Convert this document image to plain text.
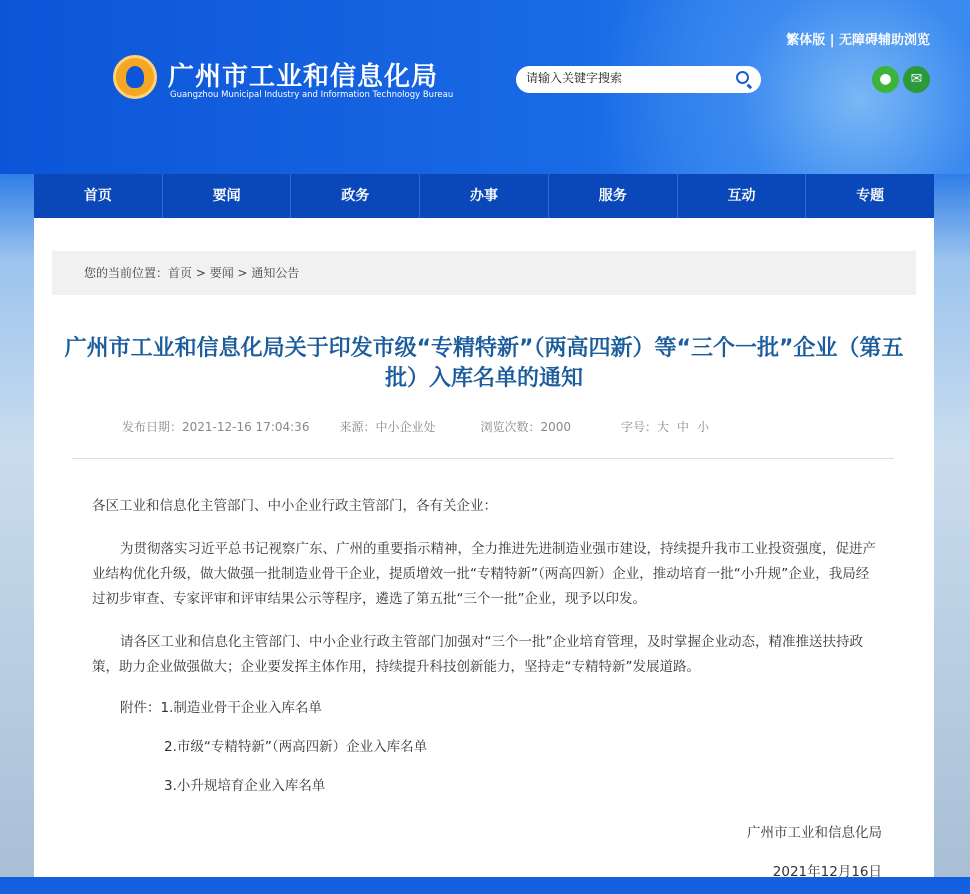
繁体版 | 无障碍辅助浏览
广州市工业和信息化局
Guangzhou Municipal Industry and Information Technology Bureau
请输入关键字搜索
●	✉
首页	要闻	政务	办事	服务	互动	专题
您的当前位置：首页 > 要闻 > 通知公告
广州市工业和信息化局关于印发市级“专精特新”（两高四新）等“三个一批”企业（第五批）入库名单的通知
发布日期：2021-12-16 17:04:36	来源：中小企业处	浏览次数：2000	字号： 大 中 小

各区工业和信息化主管部门、中小企业行政主管部门，各有关企业：

为贯彻落实习近平总书记视察广东、广州的重要指示精神，全力推进先进制造业强市建设，持续提升我市工业投资强度，促进产业结构优化升级，做大做强一批制造业骨干企业，提质增效一批“专精特新”（两高四新）企业，推动培育一批“小升规”企业，我局经过初步审查、专家评审和评审结果公示等程序，遴选了第五批“三个一批”企业，现予以印发。

请各区工业和信息化主管部门、中小企业行政主管部门加强对“三个一批”企业培育管理，及时掌握企业动态，精准推送扶持政策，助力企业做强做大；企业要发挥主体作用，持续提升科技创新能力，坚持走“专精特新”发展道路。

附件：1.制造业骨干企业入库名单

2.市级“专精特新”（两高四新）企业入库名单

3.小升规培育企业入库名单

广州市工业和信息化局

2021年12月16日
